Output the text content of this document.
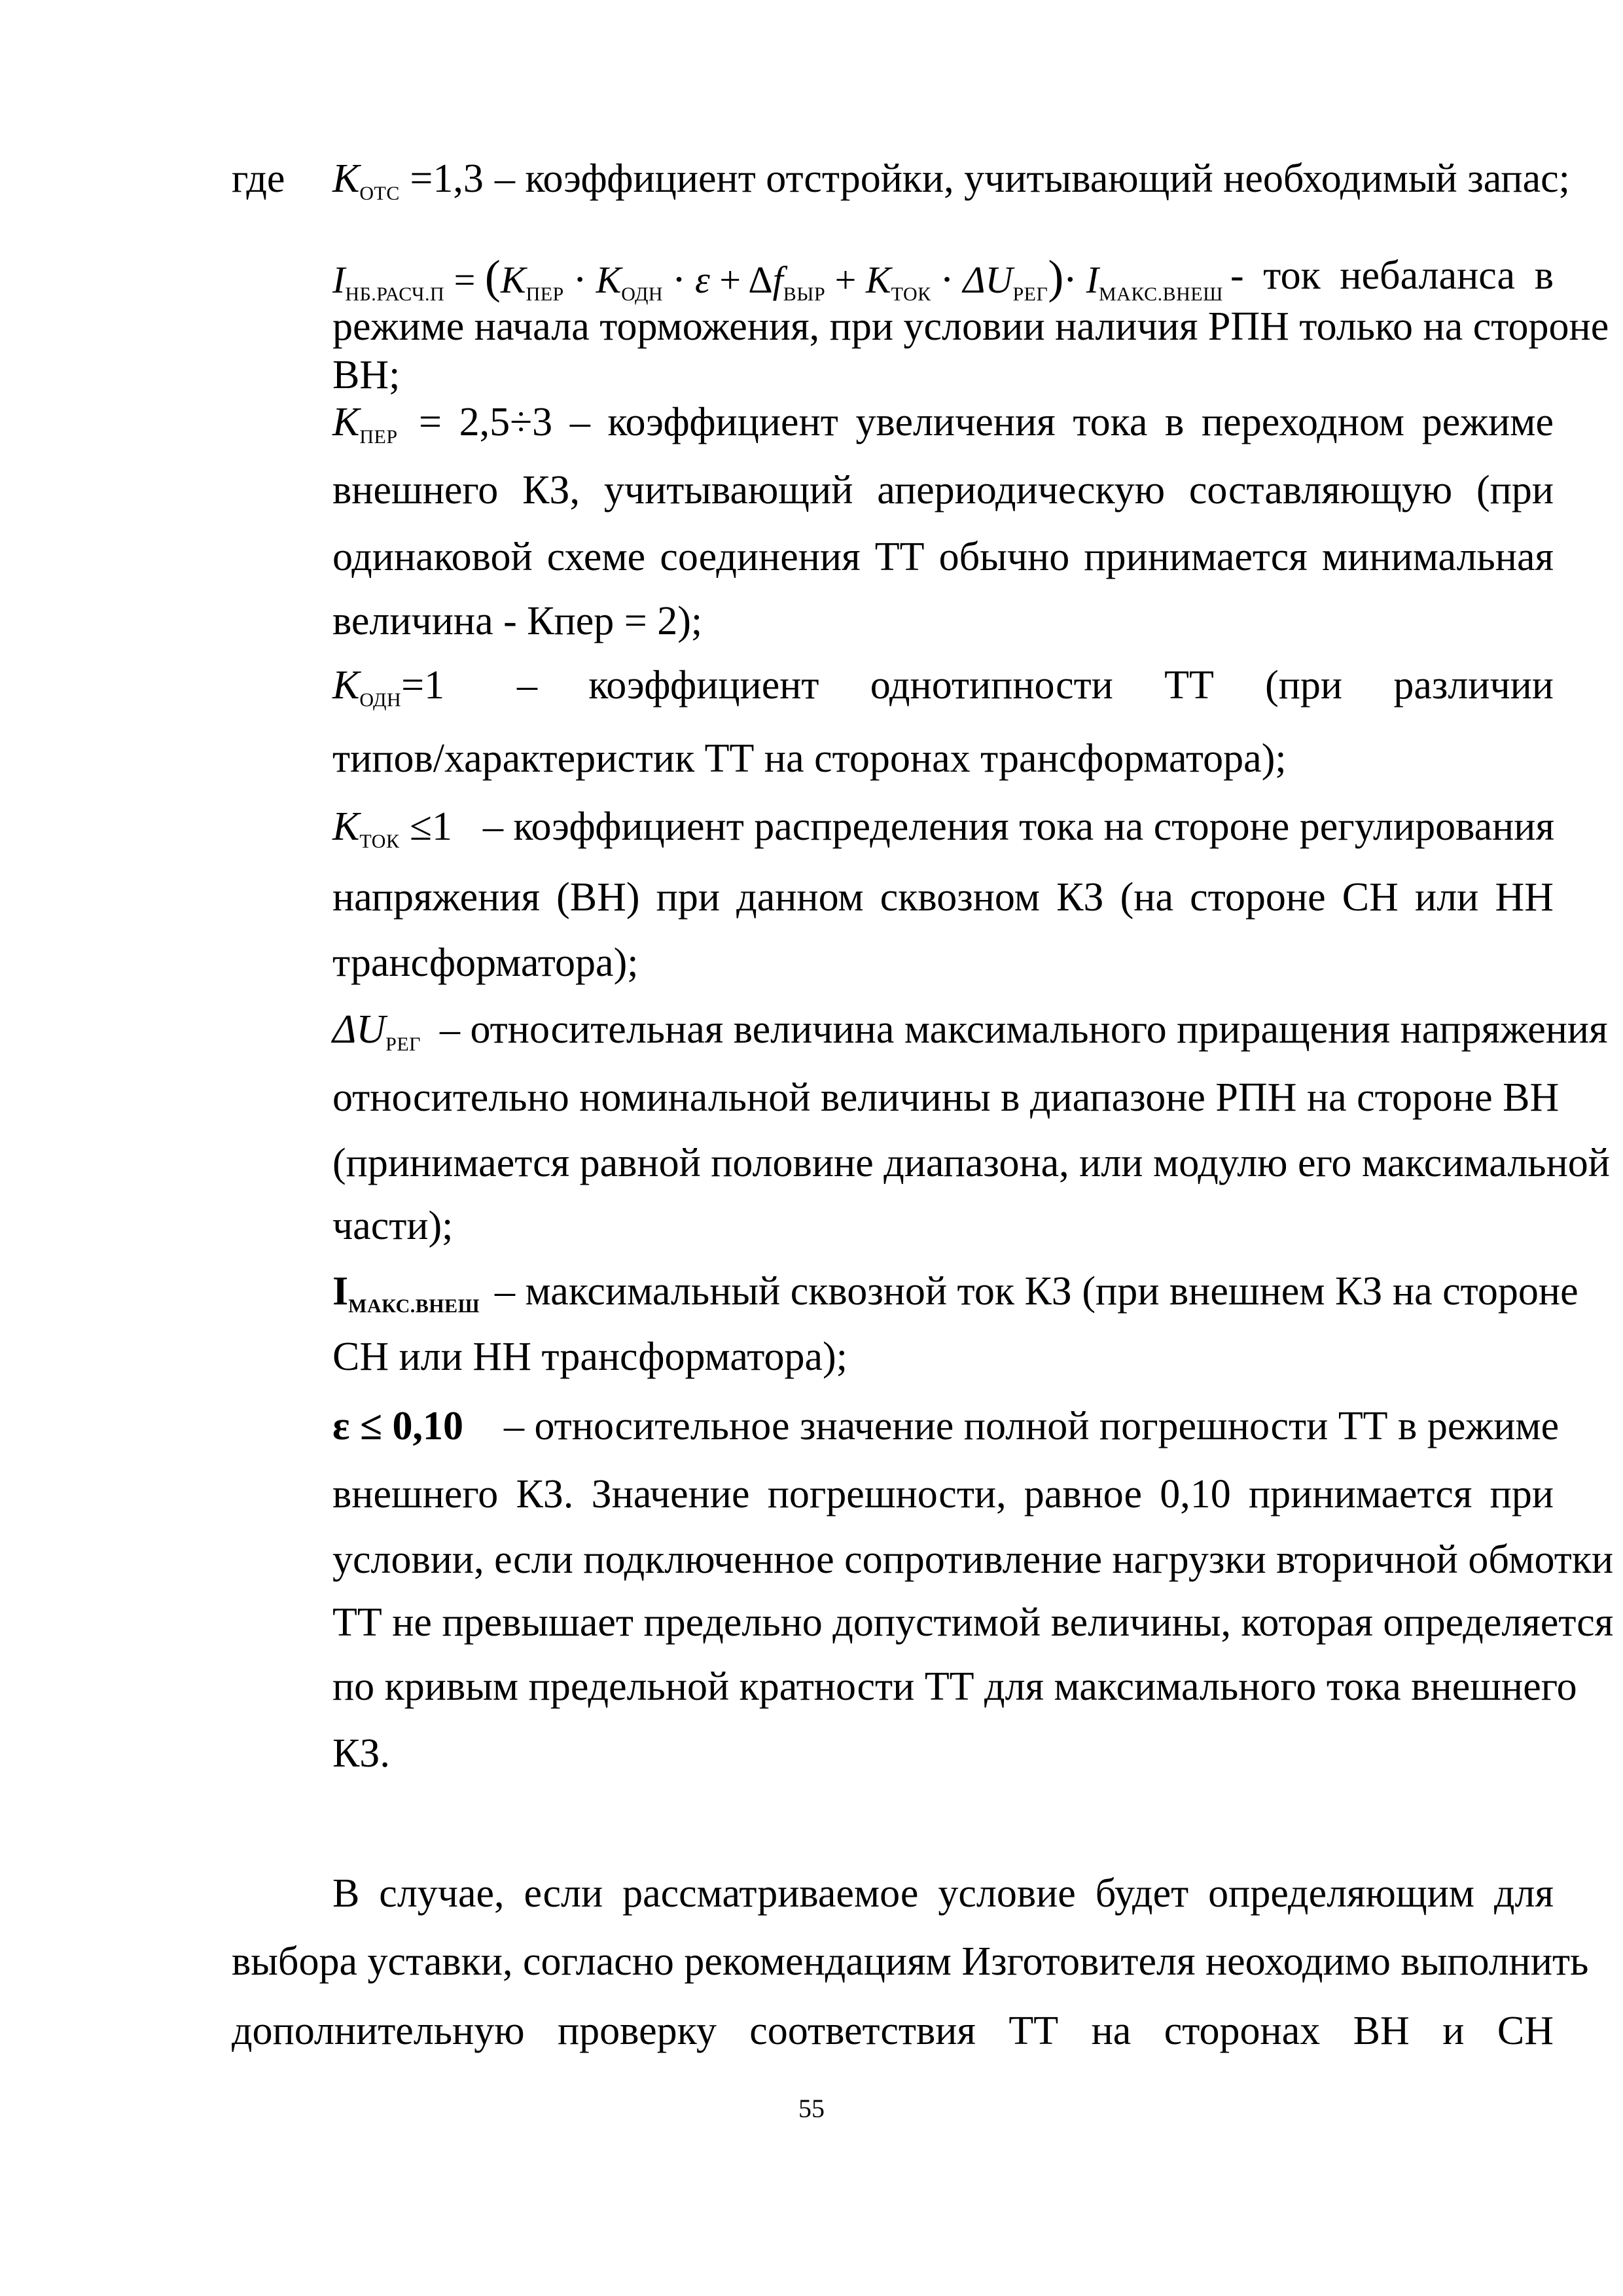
где $K_{ОТС} =1,3$ – коэффициент отстройки, учитывающий необходимый запас;
$I_{НБ.РАСЧ.П} = (K_{ПЕР} \cdot K_{ОДН} \cdot \varepsilon + \Delta f_{ВЫР} + K_{ТОК} \cdot \Delta U_{РЕГ})\cdot I_{МАКС.ВНЕШ}$ - ток небаланса в
режиме начала торможения, при условии наличия РПН только на стороне
ВН;
$K_{ПЕР} = 2,5\div 3$ – коэффициент увеличения тока в переходном режиме
внешнего КЗ, учитывающий апериодическую составляющую (при
одинаковой схеме соединения ТТ обычно принимается минимальная
величина - Кпер = 2);
$K_{ОДН}=1$ – коэффициент однотипности ТТ (при различии
типов/характеристик ТТ на сторонах трансформатора);
$K_{ТОК} \le 1$ – коэффициент распределения тока на стороне регулирования
напряжения (ВН) при данном сквозном КЗ (на стороне СН или НН
трансформатора);
$\Delta U_{РЕГ}$ – относительная величина максимального приращения напряжения
относительно номинальной величины в диапазоне РПН на стороне ВН
(принимается равной половине диапазона, или модулю его максимальной
части);
$I_{МАКС.ВНЕШ}$ – максимальный сквозной ток КЗ (при внешнем КЗ на стороне
СН или НН трансформатора);
ε ≤ 0,10 – относительное значение полной погрешности ТТ в режиме
внешнего КЗ. Значение погрешности, равное 0,10 принимается при
условии, если подключенное сопротивление нагрузки вторичной обмотки
ТТ не превышает предельно допустимой величины, которая определяется
по кривым предельной кратности ТТ для максимального тока внешнего
КЗ.
В случае, если рассматриваемое условие будет определяющим для
выбора уставки, согласно рекомендациям Изготовителя неоходимо выполнить
дополнительную проверку соответствия ТТ на сторонах ВН и СН
55
